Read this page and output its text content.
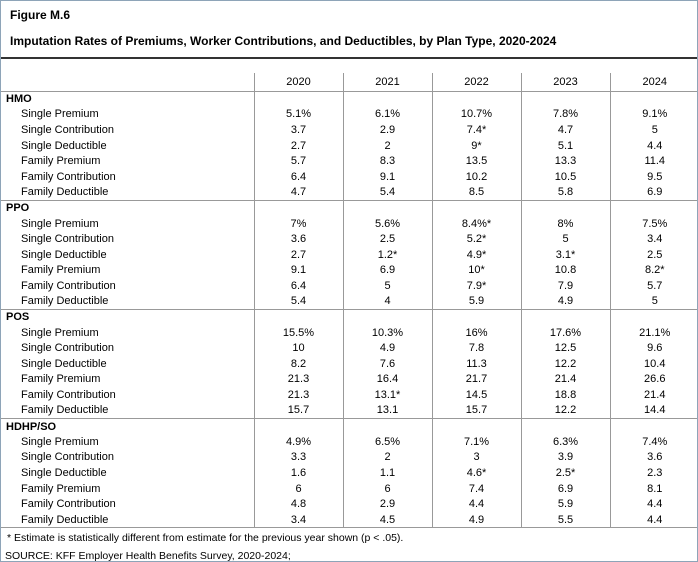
Figure M.6
Imputation Rates of Premiums, Worker Contributions, and Deductibles, by Plan Type, 2020-2024
	2020	2021	2022	2023	2024
HMO					
Single Premium	5.1%	6.1%	10.7%	7.8%	9.1%
Single Contribution	3.7	2.9	7.4*	4.7	5
Single Deductible	2.7	2	9*	5.1	4.4
Family Premium	5.7	8.3	13.5	13.3	11.4
Family Contribution	6.4	9.1	10.2	10.5	9.5
Family Deductible	4.7	5.4	8.5	5.8	6.9
PPO					
Single Premium	7%	5.6%	8.4%*	8%	7.5%
Single Contribution	3.6	2.5	5.2*	5	3.4
Single Deductible	2.7	1.2*	4.9*	3.1*	2.5
Family Premium	9.1	6.9	10*	10.8	8.2*
Family Contribution	6.4	5	7.9*	7.9	5.7
Family Deductible	5.4	4	5.9	4.9	5
POS					
Single Premium	15.5%	10.3%	16%	17.6%	21.1%
Single Contribution	10	4.9	7.8	12.5	9.6
Single Deductible	8.2	7.6	11.3	12.2	10.4
Family Premium	21.3	16.4	21.7	21.4	26.6
Family Contribution	21.3	13.1*	14.5	18.8	21.4
Family Deductible	15.7	13.1	15.7	12.2	14.4
HDHP/SO					
Single Premium	4.9%	6.5%	7.1%	6.3%	7.4%
Single Contribution	3.3	2	3	3.9	3.6
Single Deductible	1.6	1.1	4.6*	2.5*	2.3
Family Premium	6	6	7.4	6.9	8.1
Family Contribution	4.8	2.9	4.4	5.9	4.4
Family Deductible	3.4	4.5	4.9	5.5	4.4

* Estimate is statistically different from estimate for the previous year shown (p < .05).

SOURCE: KFF Employer Health Benefits Survey, 2020-2024;
